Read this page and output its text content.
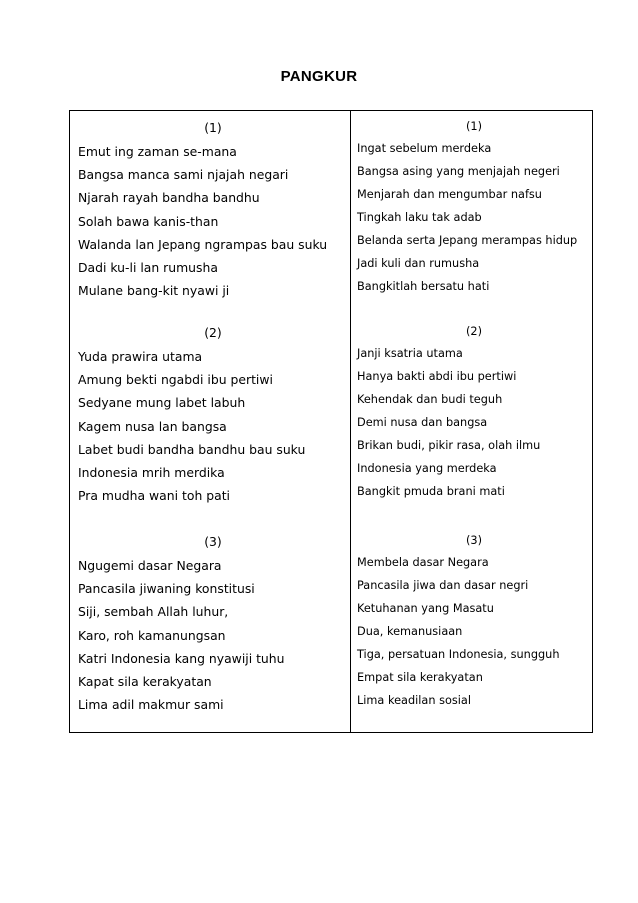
PANGKUR
(1)
Emut ing zaman se-mana
Bangsa manca sami njajah negari
Njarah rayah bandha bandhu
Solah bawa kanis-than
Walanda lan Jepang ngrampas bau suku
Dadi ku-li lan rumusha
Mulane bang-kit nyawi ji
(2)
Yuda prawira utama
Amung bekti ngabdi ibu pertiwi
Sedyane mung labet labuh
Kagem nusa lan bangsa
Labet budi bandha bandhu bau suku
Indonesia mrih merdika
Pra mudha wani toh pati
(3)
Ngugemi dasar Negara
Pancasila jiwaning konstitusi
Siji, sembah Allah luhur,
Karo, roh kamanungsan
Katri Indonesia kang nyawiji tuhu
Kapat sila kerakyatan
Lima adil makmur sami
(1)
Ingat sebelum merdeka
Bangsa asing yang menjajah negeri
Menjarah dan mengumbar nafsu
Tingkah laku tak adab
Belanda serta Jepang merampas hidup
Jadi kuli dan rumusha
Bangkitlah bersatu hati
(2)
Janji ksatria utama
Hanya bakti abdi ibu pertiwi
Kehendak dan budi teguh
Demi nusa dan bangsa
Brikan budi, pikir rasa, olah ilmu
Indonesia yang merdeka
Bangkit pmuda brani mati
(3)
Membela dasar Negara
Pancasila jiwa dan dasar negri
Ketuhanan yang Masatu
Dua, kemanusiaan
Tiga, persatuan Indonesia, sungguh
Empat sila kerakyatan
Lima keadilan sosial
